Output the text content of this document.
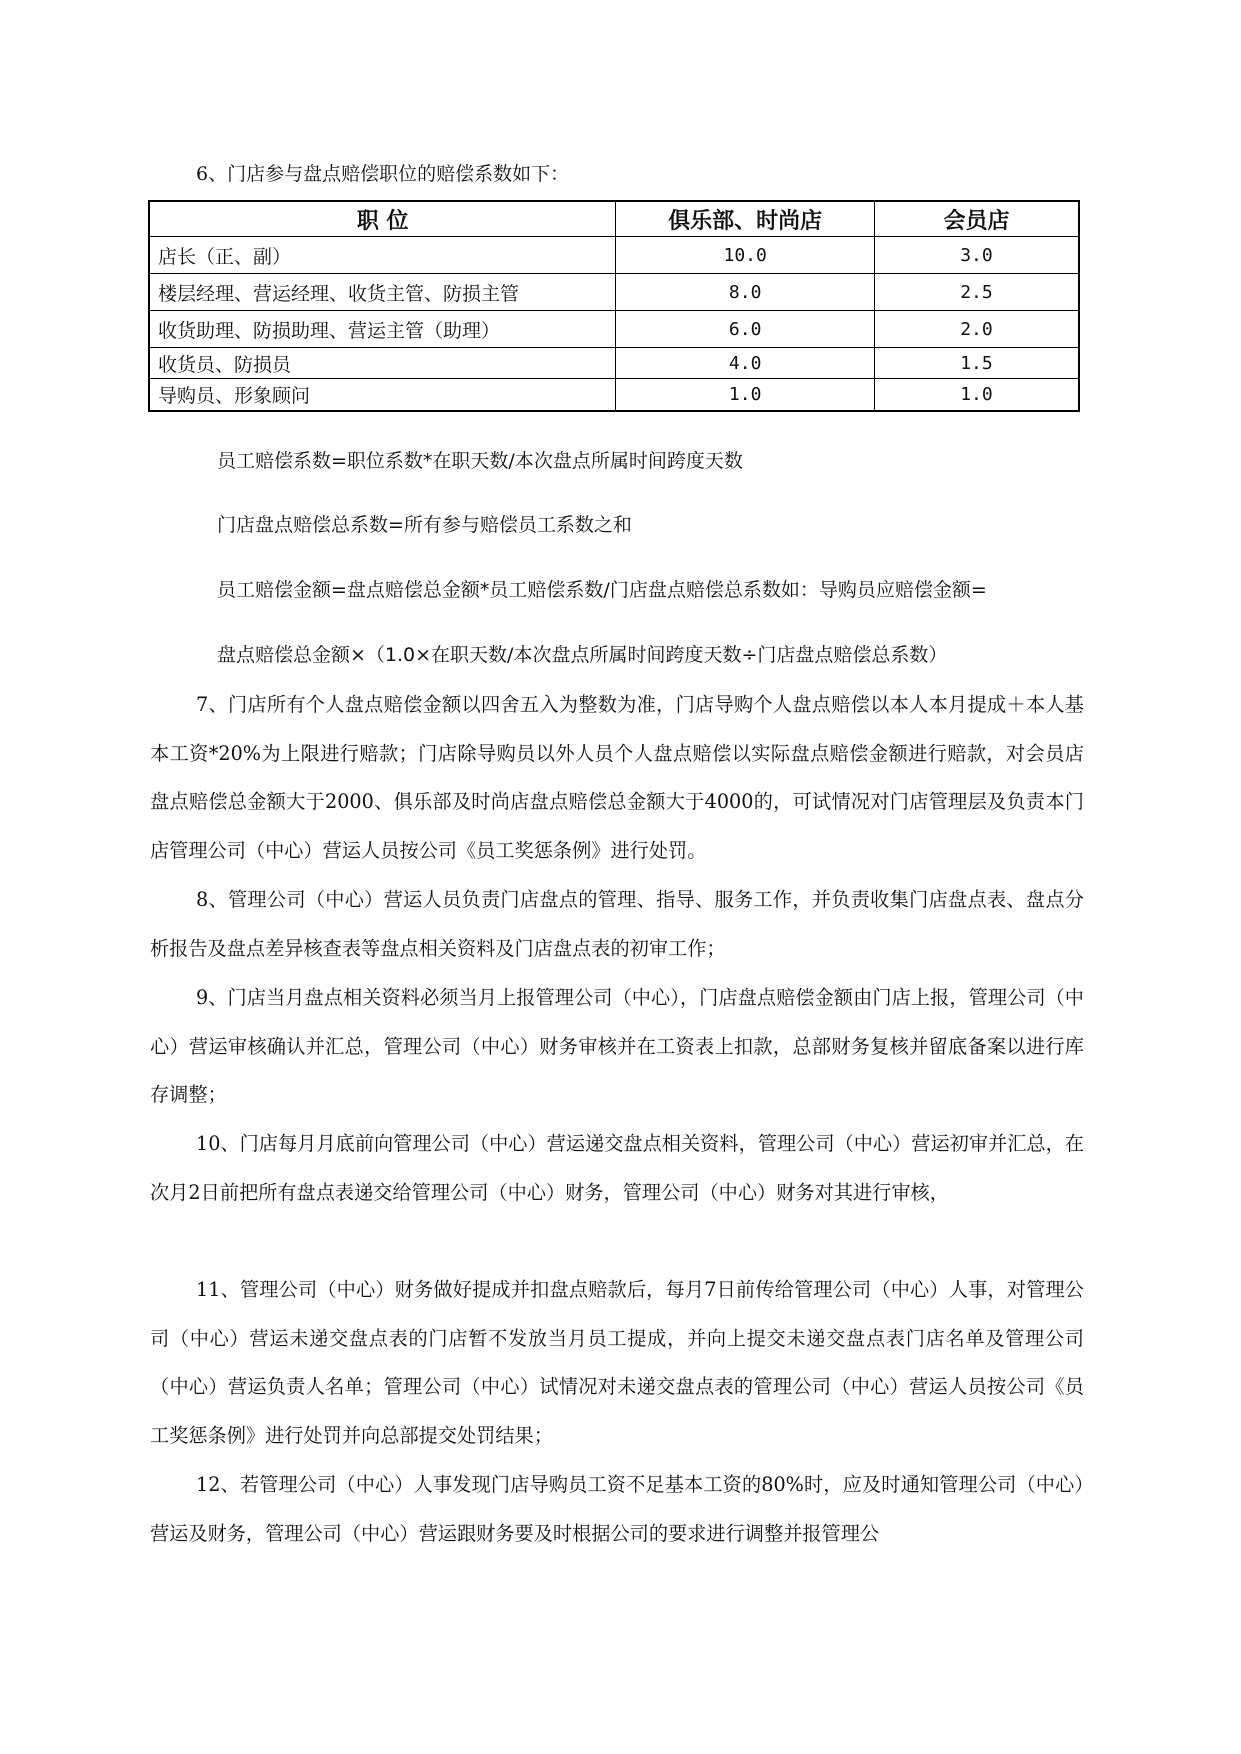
6、门店参与盘点赔偿职位的赔偿系数如下：
职 位	俱乐部、时尚店	会员店
店长（正、副）	10.0	3.0
楼层经理、营运经理、收货主管、防损主管	8.0	2.5
收货助理、防损助理、营运主管（助理）	6.0	2.0
收货员、防损员	4.0	1.5
导购员、形象顾问	1.0	1.0
员工赔偿系数=职位系数*在职天数/本次盘点所属时间跨度天数
门店盘点赔偿总系数=所有参与赔偿员工系数之和
员工赔偿金额=盘点赔偿总金额*员工赔偿系数/门店盘点赔偿总系数如：导购员应赔偿金额=
盘点赔偿总金额×（1.0×在职天数/本次盘点所属时间跨度天数÷门店盘点赔偿总系数）

7、门店所有个人盘点赔偿金额以四舍五入为整数为准，门店导购个人盘点赔偿以本人本月提成＋本人基本工资*20%为上限进行赔款；门店除导购员以外人员个人盘点赔偿以实际盘点赔偿金额进行赔款，对会员店盘点赔偿总金额大于2000、俱乐部及时尚店盘点赔偿总金额大于4000的，可试情况对门店管理层及负责本门店管理公司（中心）营运人员按公司《员工奖惩条例》进行处罚。

8、管理公司（中心）营运人员负责门店盘点的管理、指导、服务工作，并负责收集门店盘点表、盘点分析报告及盘点差异核查表等盘点相关资料及门店盘点表的初审工作；

9、门店当月盘点相关资料必须当月上报管理公司（中心），门店盘点赔偿金额由门店上报，管理公司（中心）营运审核确认并汇总，管理公司（中心）财务审核并在工资表上扣款，总部财务复核并留底备案以进行库存调整；

10、门店每月月底前向管理公司（中心）营运递交盘点相关资料，管理公司（中心）营运初审并汇总，在次月2日前把所有盘点表递交给管理公司（中心）财务，管理公司（中心）财务对其进行审核，

11、管理公司（中心）财务做好提成并扣盘点赔款后，每月7日前传给管理公司（中心）人事，对管理公司（中心）营运未递交盘点表的门店暂不发放当月员工提成，并向上提交未递交盘点表门店名单及管理公司（中心）营运负责人名单；管理公司（中心）试情况对未递交盘点表的管理公司（中心）营运人员按公司《员工奖惩条例》进行处罚并向总部提交处罚结果；

12、若管理公司（中心）人事发现门店导购员工资不足基本工资的80%时，应及时通知管理公司（中心）营运及财务，管理公司（中心）营运跟财务要及时根据公司的要求进行调整并报管理公
